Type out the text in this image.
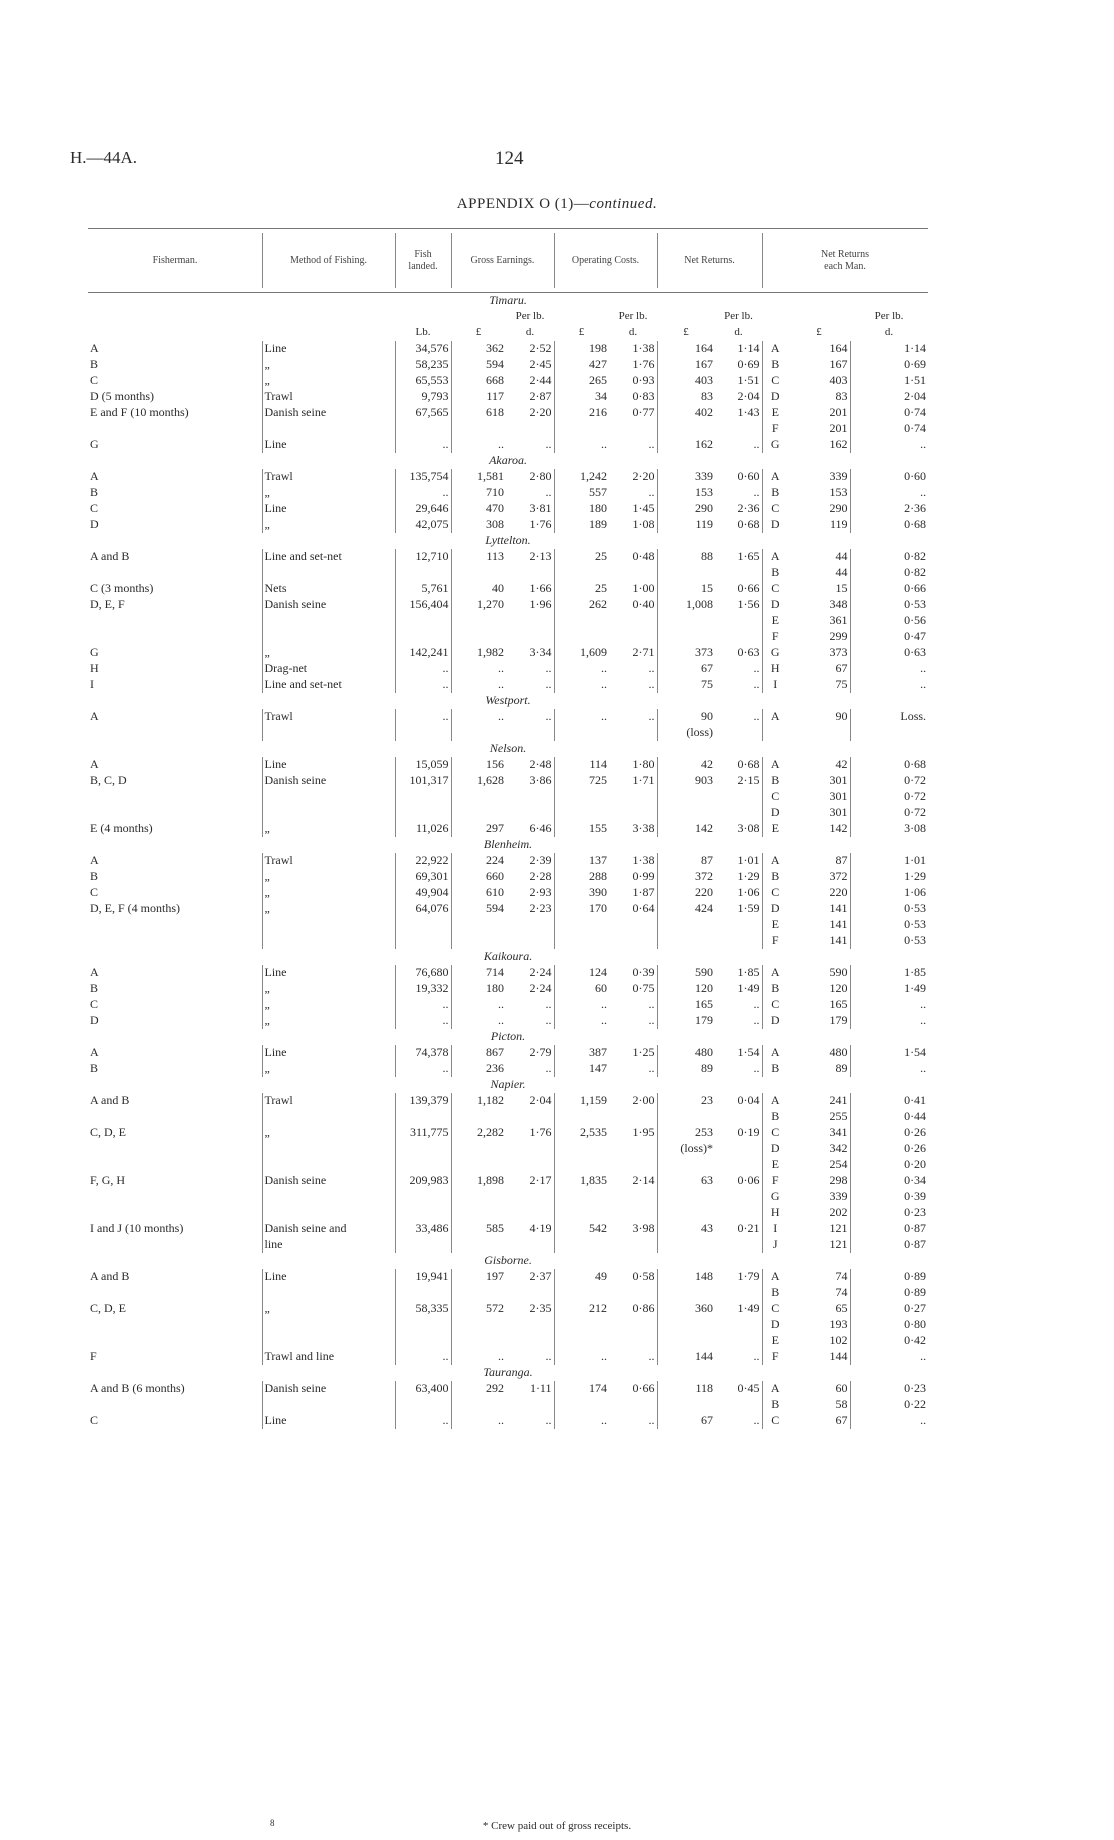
H.—44A.	124
APPENDIX O (1)—continued.
Fisherman.	Method of Fishing.
Fish
landed.
Gross Earnings.	Operating Costs.	Net Returns.
Net Returns
each Man.
Timaru.											
				Per lb.		Per lb.		Per lb.			Per lb.
		Lb.	£	d.	£	d.	£	d.		£	d.
A	Line	34,576	362	2·52	198	1·38	164	1·14	A	164	1·14
B	„	58,235	594	2·45	427	1·76	167	0·69	B	167	0·69
C	„	65,553	668	2·44	265	0·93	403	1·51	C	403	1·51
D (5 months)	Trawl	9,793	117	2·87	34	0·83	83	2·04	D	83	2·04
E and F (10 months)	Danish seine	67,565	618	2·20	216	0·77	402	1·43	E	201	0·74
									F	201	0·74
G	Line	..	..	..	..	..	162	..	G	162	..
Akaroa.											
A	Trawl	135,754	1,581	2·80	1,242	2·20	339	0·60	A	339	0·60
B	„	..	710	..	557	..	153	..	B	153	..
C	Line	29,646	470	3·81	180	1·45	290	2·36	C	290	2·36
D	„	42,075	308	1·76	189	1·08	119	0·68	D	119	0·68
Lyttelton.											
A and B	Line and set-net	12,710	113	2·13	25	0·48	88	1·65	A	44	0·82
									B	44	0·82
C (3 months)	Nets	5,761	40	1·66	25	1·00	15	0·66	C	15	0·66
D, E, F	Danish seine	156,404	1,270	1·96	262	0·40	1,008	1·56	D	348	0·53
									E	361	0·56
									F	299	0·47
G	„	142,241	1,982	3·34	1,609	2·71	373	0·63	G	373	0·63
H	Drag-net	..	..	..	..	..	67	..	H	67	..
I	Line and set-net	..	..	..	..	..	75	..	I	75	..
Westport.											
A	Trawl	..	..	..	..	..	90	..	A	90	Loss.
							(loss)				
Nelson.											
A	Line	15,059	156	2·48	114	1·80	42	0·68	A	42	0·68
B, C, D	Danish seine	101,317	1,628	3·86	725	1·71	903	2·15	B	301	0·72
									C	301	0·72
									D	301	0·72
E (4 months)	„	11,026	297	6·46	155	3·38	142	3·08	E	142	3·08
Blenheim.											
A	Trawl	22,922	224	2·39	137	1·38	87	1·01	A	87	1·01
B	„	69,301	660	2·28	288	0·99	372	1·29	B	372	1·29
C	„	49,904	610	2·93	390	1·87	220	1·06	C	220	1·06
D, E, F (4 months)	„	64,076	594	2·23	170	0·64	424	1·59	D	141	0·53
									E	141	0·53
									F	141	0·53
Kaikoura.											
A	Line	76,680	714	2·24	124	0·39	590	1·85	A	590	1·85
B	„	19,332	180	2·24	60	0·75	120	1·49	B	120	1·49
C	„	..	..	..	..	..	165	..	C	165	..
D	„	..	..	..	..	..	179	..	D	179	..
Picton.											
A	Line	74,378	867	2·79	387	1·25	480	1·54	A	480	1·54
B	„	..	236	..	147	..	89	..	B	89	..
Napier.											
A and B	Trawl	139,379	1,182	2·04	1,159	2·00	23	0·04	A	241	0·41
									B	255	0·44
C, D, E	„	311,775	2,282	1·76	2,535	1·95	253	0·19	C	341	0·26
							(loss)*		D	342	0·26
									E	254	0·20
F, G, H	Danish seine	209,983	1,898	2·17	1,835	2·14	63	0·06	F	298	0·34
									G	339	0·39
									H	202	0·23
I and J (10 months)	Danish seine and	33,486	585	4·19	542	3·98	43	0·21	I	121	0·87
	line								J	121	0·87
Gisborne.											
A and B	Line	19,941	197	2·37	49	0·58	148	1·79	A	74	0·89
									B	74	0·89
C, D, E	„	58,335	572	2·35	212	0·86	360	1·49	C	65	0·27
									D	193	0·80
									E	102	0·42
F	Trawl and line	..	..	..	..	..	144	..	F	144	..
Tauranga.											
A and B (6 months)	Danish seine	63,400	292	1·11	174	0·66	118	0·45	A	60	0·23
									B	58	0·22
C	Line	..	..	..	..	..	67	..	C	67	..
8	* Crew paid out of gross receipts.
